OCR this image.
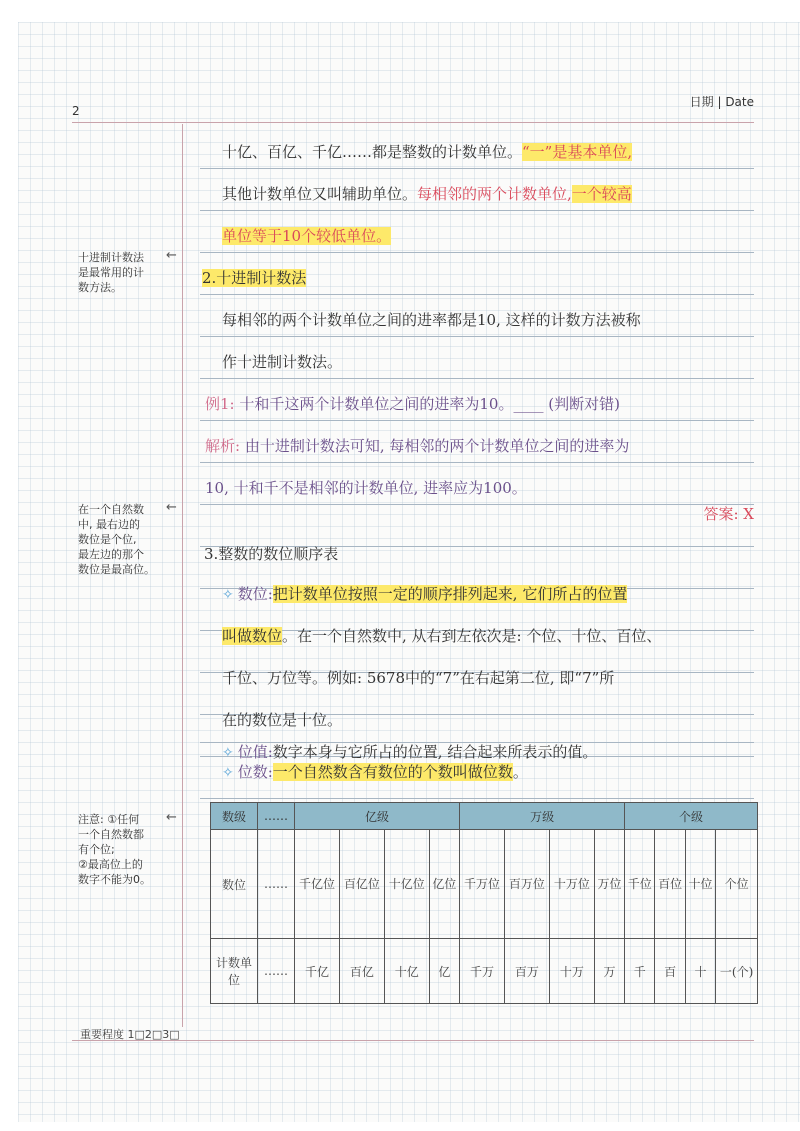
2
日期 | Date
十亿、百亿、千亿……都是整数的计数单位。“一”是基本单位,
其他计数单位又叫辅助单位。每相邻的两个计数单位,一个较高
单位等于10个较低单位。
2.十进制计数法
每相邻的两个计数单位之间的进率都是10, 这样的计数方法被称
作十进制计数法。
例1: 十和千这两个计数单位之间的进率为10。____ (判断对错)
解析: 由十进制计数法可知, 每相邻的两个计数单位之间的进率为
10, 十和千不是相邻的计数单位, 进率应为100。
答案: X
3.整数的数位顺序表
✧ 数位:把计数单位按照一定的顺序排列起来, 它们所占的位置
叫做数位。在一个自然数中, 从右到左依次是: 个位、十位、百位、
千位、万位等。例如: 5678中的“7”在右起第二位, 即“7”所
在的数位是十位。
✧ 位值:数字本身与它所占的位置, 结合起来所表示的值。
✧ 位数:一个自然数含有数位的个数叫做位数。
十进制计数法
是最常用的计
数方法。
←
在一个自然数
中, 最右边的
数位是个位,
最左边的那个
数位是最高位。
←
注意: ①任何
一个自然数都
有个位;
②最高位上的
数字不能为0。
←	数级	……	亿级				万级				个级			
数位	……	千亿位	百亿位	十亿位	亿位	千万位	百万位	十万位	万位	千位	百位	十位	个位
计数单位	……	千亿	百亿	十亿	亿	千万	百万	十万	万	千	百	十	一(个)
重要程度 1□2□3□
